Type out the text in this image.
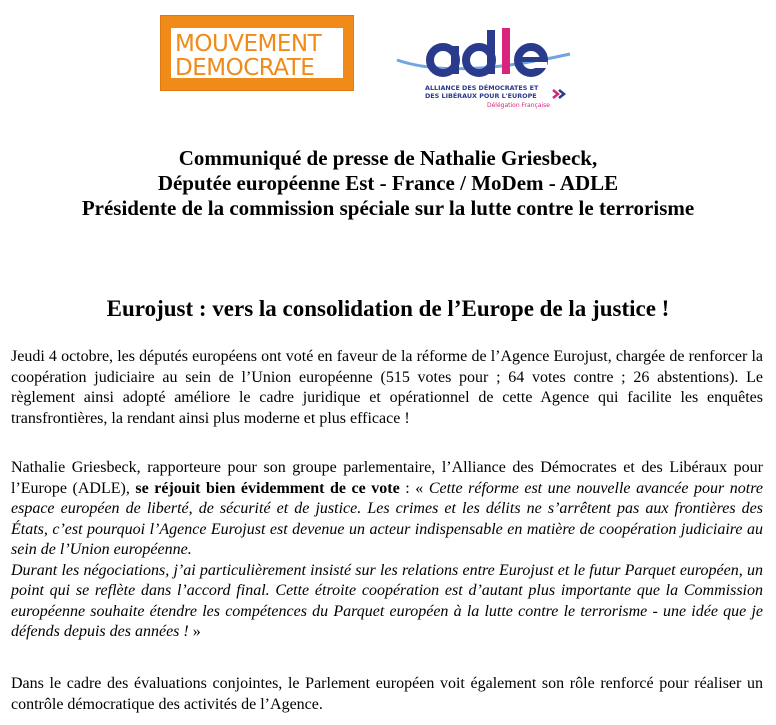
MOUVEMENT
DEMOCRATE
ALLIANCE DES DÉMOCRATES ET
DES LIBÉRAUX POUR L'EUROPE
Délégation Française
Communiqué de presse de Nathalie Griesbeck,
Députée européenne Est - France / MoDem - ADLE
Présidente de la commission spéciale sur la lutte contre le terrorisme
Eurojust : vers la consolidation de l’Europe de la justice !
Jeudi 4 octobre, les députés européens ont voté en faveur de la réforme de l’Agence Eurojust, chargée de renforcer la coopération judiciaire au sein de l’Union européenne (515 votes pour ; 64 votes contre ; 26 abstentions). Le règlement ainsi adopté améliore le cadre juridique et opérationnel de cette Agence qui facilite les enquêtes transfrontières, la rendant ainsi plus moderne et plus efficace !
Nathalie Griesbeck, rapporteure pour son groupe parlementaire, l’Alliance des Démocrates et des Libéraux pour l’Europe (ADLE), se réjouit bien évidemment de ce vote : « Cette réforme est une nouvelle avancée pour notre espace européen de liberté, de sécurité et de justice. Les crimes et les délits ne s’arrêtent pas aux frontières des États, c’est pourquoi l’Agence Eurojust est devenue un acteur indispensable en matière de coopération judiciaire au sein de l’Union européenne.
Durant les négociations, j’ai particulièrement insisté sur les relations entre Eurojust et le futur Parquet européen, un point qui se reflète dans l’accord final. Cette étroite coopération est d’autant plus importante que la Commission européenne souhaite étendre les compétences du Parquet européen à la lutte contre le terrorisme - une idée que je défends depuis des années ! »
Dans le cadre des évaluations conjointes, le Parlement européen voit également son rôle renforcé pour réaliser un contrôle démocratique des activités de l’Agence.
